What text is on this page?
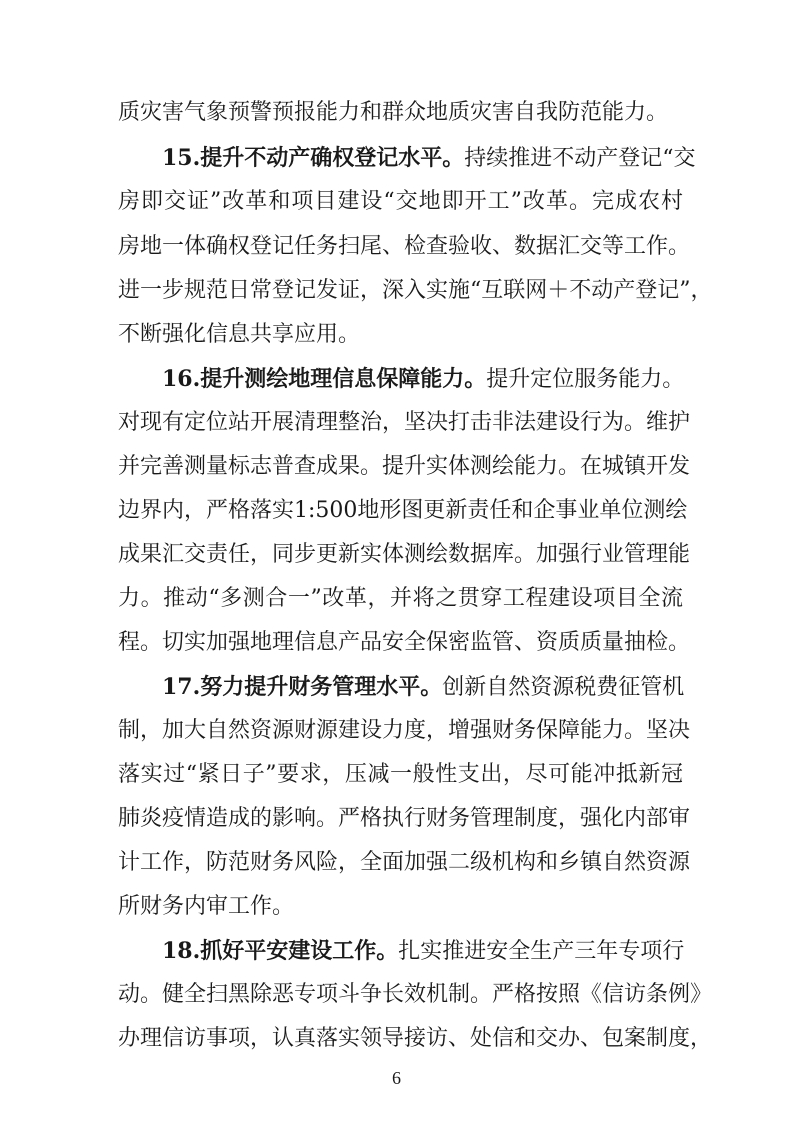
质灾害气象预警预报能力和群众地质灾害自我防范能力。
15.提升不动产确权登记水平。持续推进不动产登记“交
房即交证”改革和项目建设“交地即开工”改革。完成农村
房地一体确权登记任务扫尾、检查验收、数据汇交等工作。
进一步规范日常登记发证，深入实施“互联网＋不动产登记”，
不断强化信息共享应用。
16.提升测绘地理信息保障能力。提升定位服务能力。
对现有定位站开展清理整治，坚决打击非法建设行为。维护
并完善测量标志普查成果。提升实体测绘能力。在城镇开发
边界内，严格落实1:500地形图更新责任和企事业单位测绘
成果汇交责任，同步更新实体测绘数据库。加强行业管理能
力。推动“多测合一”改革，并将之贯穿工程建设项目全流
程。切实加强地理信息产品安全保密监管、资质质量抽检。
17.努力提升财务管理水平。创新自然资源税费征管机
制，加大自然资源财源建设力度，增强财务保障能力。坚决
落实过“紧日子”要求，压减一般性支出，尽可能冲抵新冠
肺炎疫情造成的影响。严格执行财务管理制度，强化内部审
计工作，防范财务风险，全面加强二级机构和乡镇自然资源
所财务内审工作。
18.抓好平安建设工作。扎实推进安全生产三年专项行
动。健全扫黑除恶专项斗争长效机制。严格按照《信访条例》
办理信访事项，认真落实领导接访、处信和交办、包案制度，
6
